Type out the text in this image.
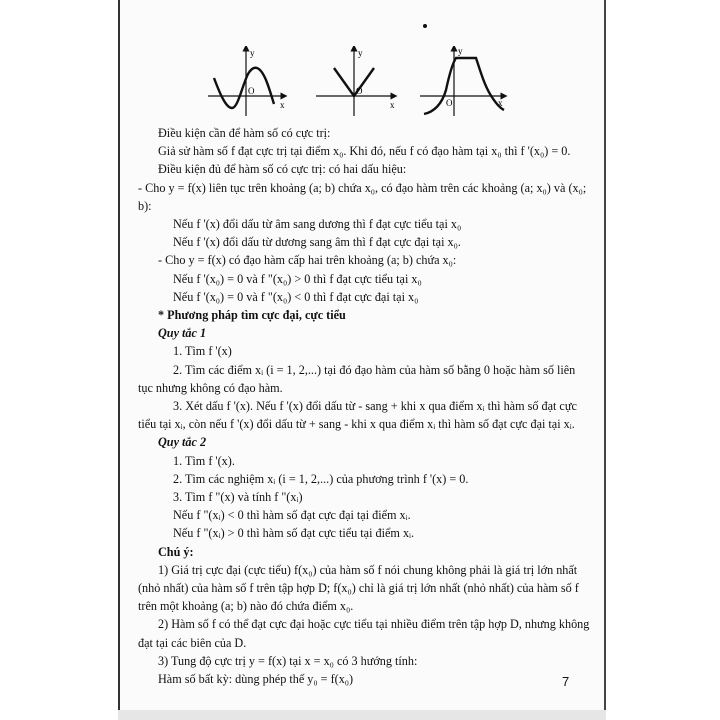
y
x
O
y
x
O
y
x
O

Điều kiện cần để hàm số có cực trị:

Giả sử hàm số f đạt cực trị tại điểm x₀. Khi đó, nếu f có đạo hàm tại x₀ thì f '(x₀) = 0.

Điều kiện đủ để hàm số có cực trị: có hai dấu hiệu:

- Cho y = f(x) liên tục trên khoảng (a; b) chứa x₀, có đạo hàm trên các khoảng (a; x₀) và (x₀; b):

Nếu f '(x) đổi dấu từ âm sang dương thì f đạt cực tiểu tại x₀

Nếu f '(x) đổi dấu từ dương sang âm thì f đạt cực đại tại x₀.

- Cho y = f(x) có đạo hàm cấp hai trên khoảng (a; b) chứa x₀:

Nếu f '(x₀) = 0 và f "(x₀) > 0 thì f đạt cực tiểu tại x₀

Nếu f '(x₀) = 0 và f "(x₀) < 0 thì f đạt cực đại tại x₀

* Phương pháp tìm cực đại, cực tiểu

Quy tắc 1

1. Tìm f '(x)

2. Tìm các điểm xᵢ (i = 1, 2,...) tại đó đạo hàm của hàm số bằng 0 hoặc hàm số liên tục nhưng không có đạo hàm.

3. Xét dấu f '(x). Nếu f '(x) đổi dấu từ - sang + khi x qua điểm xᵢ thì hàm số đạt cực tiểu tại xᵢ, còn nếu f '(x) đổi dấu từ + sang - khi x qua điểm xᵢ thì hàm số đạt cực đại tại xᵢ.

Quy tắc 2

1. Tìm f '(x).

2. Tìm các nghiệm xᵢ (i = 1, 2,...) của phương trình f '(x) = 0.

3. Tìm f "(x) và tính f "(xᵢ)

Nếu f "(xᵢ) < 0 thì hàm số đạt cực đại tại điểm xᵢ.

Nếu f "(xᵢ) > 0 thì hàm số đạt cực tiểu tại điểm xᵢ.

Chú ý:

1) Giá trị cực đại (cực tiểu) f(x₀) của hàm số f nói chung không phải là giá trị lớn nhất (nhỏ nhất) của hàm số f trên tập hợp D; f(x₀) chỉ là giá trị lớn nhất (nhỏ nhất) của hàm số f trên một khoảng (a; b) nào đó chứa điểm x₀.

2) Hàm số f có thể đạt cực đại hoặc cực tiểu tại nhiều điểm trên tập hợp D, nhưng không đạt tại các biên của D.

3) Tung độ cực trị y = f(x) tại x = x₀ có 3 hướng tính:

Hàm số bất kỳ: dùng phép thế y₀ = f(x₀)	7
